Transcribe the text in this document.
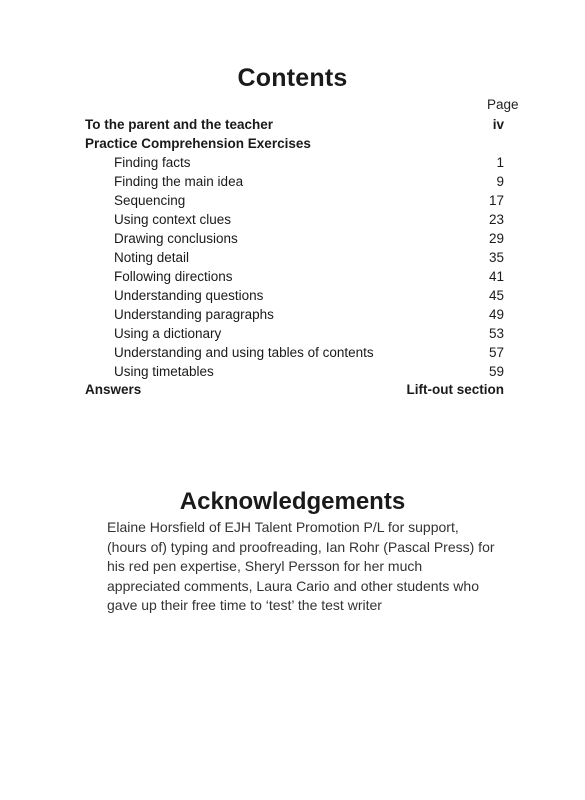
Contents
Page
To the parent and the teacher	iv
Practice Comprehension Exercises
Finding facts	1
Finding the main idea	9
Sequencing	17
Using context clues	23
Drawing conclusions	29
Noting detail	35
Following directions	41
Understanding questions	45
Understanding paragraphs	49
Using a dictionary	53
Understanding and using tables of contents	57
Using timetables	59
Answers	Lift-out section
Acknowledgements
Elaine Horsfield of EJH Talent Promotion P/L for support, (hours of) typing and proofreading, Ian Rohr (Pascal Press) for his red pen expertise, Sheryl Persson for her much appreciated comments, Laura Cario and other students who gave up their free time to ‘test’ the test writer
